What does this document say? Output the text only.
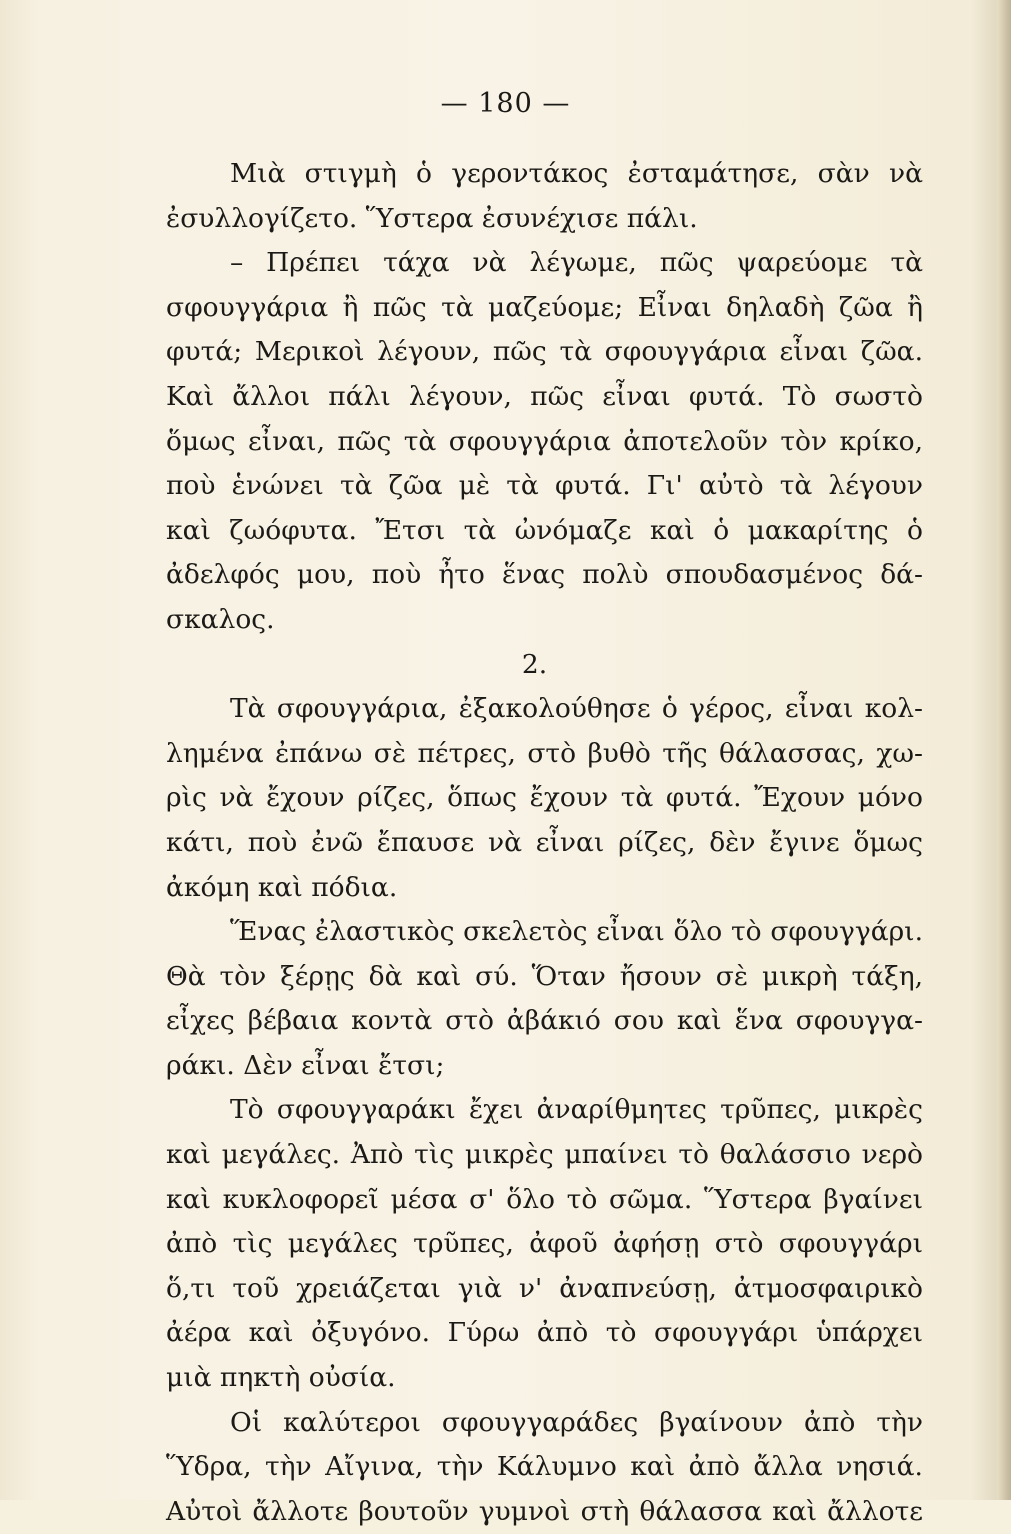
— 180 —
Μιὰ στιγμὴ ὁ γεροντάκος ἐσταμάτησε, σὰν νὰ
ἐσυλλογίζετο. Ὕστερα ἐσυνέχισε πάλι.
– Πρέπει τάχα νὰ λέγωμε, πῶς ψαρεύομε τὰ
σφουγγάρια ἢ πῶς τὰ μαζεύομε; Εἶναι δηλαδὴ ζῶα ἢ
φυτά; Μερικοὶ λέγουν, πῶς τὰ σφουγγάρια εἶναι ζῶα.
Καὶ ἄλλοι πάλι λέγουν, πῶς εἶναι φυτά. Τὸ σωστὸ
ὅμως εἶναι, πῶς τὰ σφουγγάρια ἀποτελοῦν τὸν κρίκο,
ποὺ ἑνώνει τὰ ζῶα μὲ τὰ φυτά. Γι' αὐτὸ τὰ λέγουν
καὶ ζωόφυτα. Ἔτσι τὰ ὠνόμαζε καὶ ὁ μακαρίτης ὁ
ἀδελφός μου, ποὺ ἦτο ἕνας πολὺ σπουδασμένος δά-
σκαλος.
2.
Τὰ σφουγγάρια, ἐξακολούθησε ὁ γέρος, εἶναι κολ-
λημένα ἐπάνω σὲ πέτρες, στὸ βυθὸ τῆς θάλασσας, χω-
ρὶς νὰ ἔχουν ρίζες, ὅπως ἔχουν τὰ φυτά. Ἔχουν μόνο
κάτι, ποὺ ἐνῶ ἔπαυσε νὰ εἶναι ρίζες, δὲν ἔγινε ὅμως
ἀκόμη καὶ πόδια.
Ἕνας ἐλαστικὸς σκελετὸς εἶναι ὅλο τὸ σφουγγάρι.
Θὰ τὸν ξέρῃς δὰ καὶ σύ. Ὅταν ἤσουν σὲ μικρὴ τάξη,
εἶχες βέβαια κοντὰ στὸ ἀβάκιό σου καὶ ἕνα σφουγγα-
ράκι. Δὲν εἶναι ἔτσι;
Τὸ σφουγγαράκι ἔχει ἀναρίθμητες τρῦπες, μικρὲς
καὶ μεγάλες. Ἀπὸ τὶς μικρὲς μπαίνει τὸ θαλάσσιο νερὸ
καὶ κυκλοφορεῖ μέσα σ' ὅλο τὸ σῶμα. Ὕστερα βγαίνει
ἀπὸ τὶς μεγάλες τρῦπες, ἀφοῦ ἀφήσῃ στὸ σφουγγάρι
ὅ,τι τοῦ χρειάζεται γιὰ ν' ἀναπνεύσῃ, ἀτμοσφαιρικὸ
ἀέρα καὶ ὀξυγόνο. Γύρω ἀπὸ τὸ σφουγγάρι ὑπάρχει
μιὰ πηκτὴ οὐσία.
Οἱ καλύτεροι σφουγγαράδες βγαίνουν ἀπὸ τὴν
Ὕδρα, τὴν Αἴγινα, τὴν Κάλυμνο καὶ ἀπὸ ἄλλα νησιά.
Αὐτοὶ ἄλλοτε βουτοῦν γυμνοὶ στὴ θάλασσα καὶ ἄλλοτε
